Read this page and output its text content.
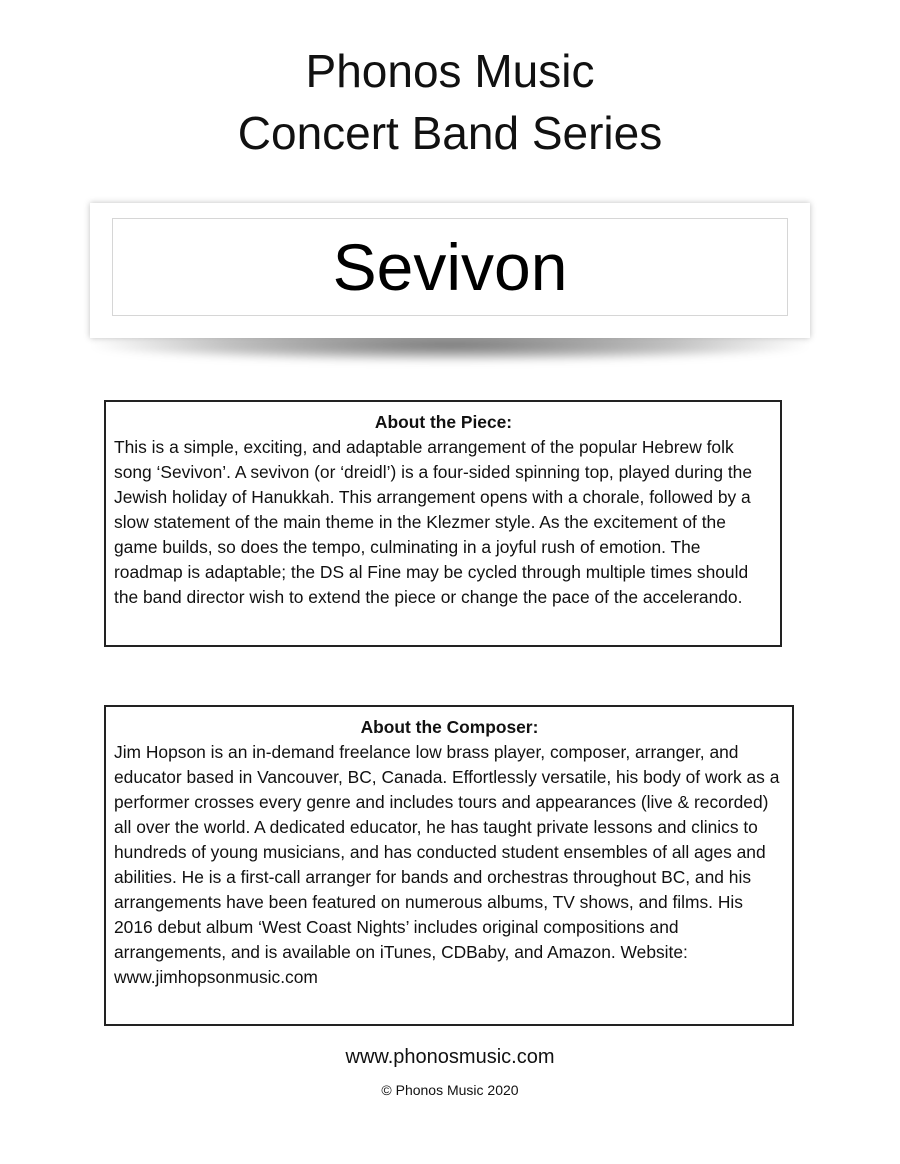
Phonos Music
Concert Band Series
Sevivon
About the Piece:

This is a simple, exciting, and adaptable arrangement of the popular Hebrew folk song ‘Sevivon’. A sevivon (or ‘dreidl’) is a four-sided spinning top, played during the Jewish holiday of Hanukkah. This arrangement opens with a chorale, followed by a slow statement of the main theme in the Klezmer style. As the excitement of the game builds, so does the tempo, culminating in a joyful rush of emotion. The roadmap is adaptable; the DS al Fine may be cycled through multiple times should the band director wish to extend the piece or change the pace of the accelerando.

About the Composer:

Jim Hopson is an in-demand freelance low brass player, composer, arranger, and educator based in Vancouver, BC, Canada. Effortlessly versatile, his body of work as a performer crosses every genre and includes tours and appearances (live & recorded) all over the world. A dedicated educator, he has taught private lessons and clinics to hundreds of young musicians, and has conducted student ensembles of all ages and abilities. He is a first-call arranger for bands and orchestras throughout BC, and his arrangements have been featured on numerous albums, TV shows, and films. His 2016 debut album ‘West Coast Nights’ includes original compositions and arrangements, and is available on iTunes, CDBaby, and Amazon. Website: www.jimhopsonmusic.com

www.phonosmusic.com
© Phonos Music 2020
